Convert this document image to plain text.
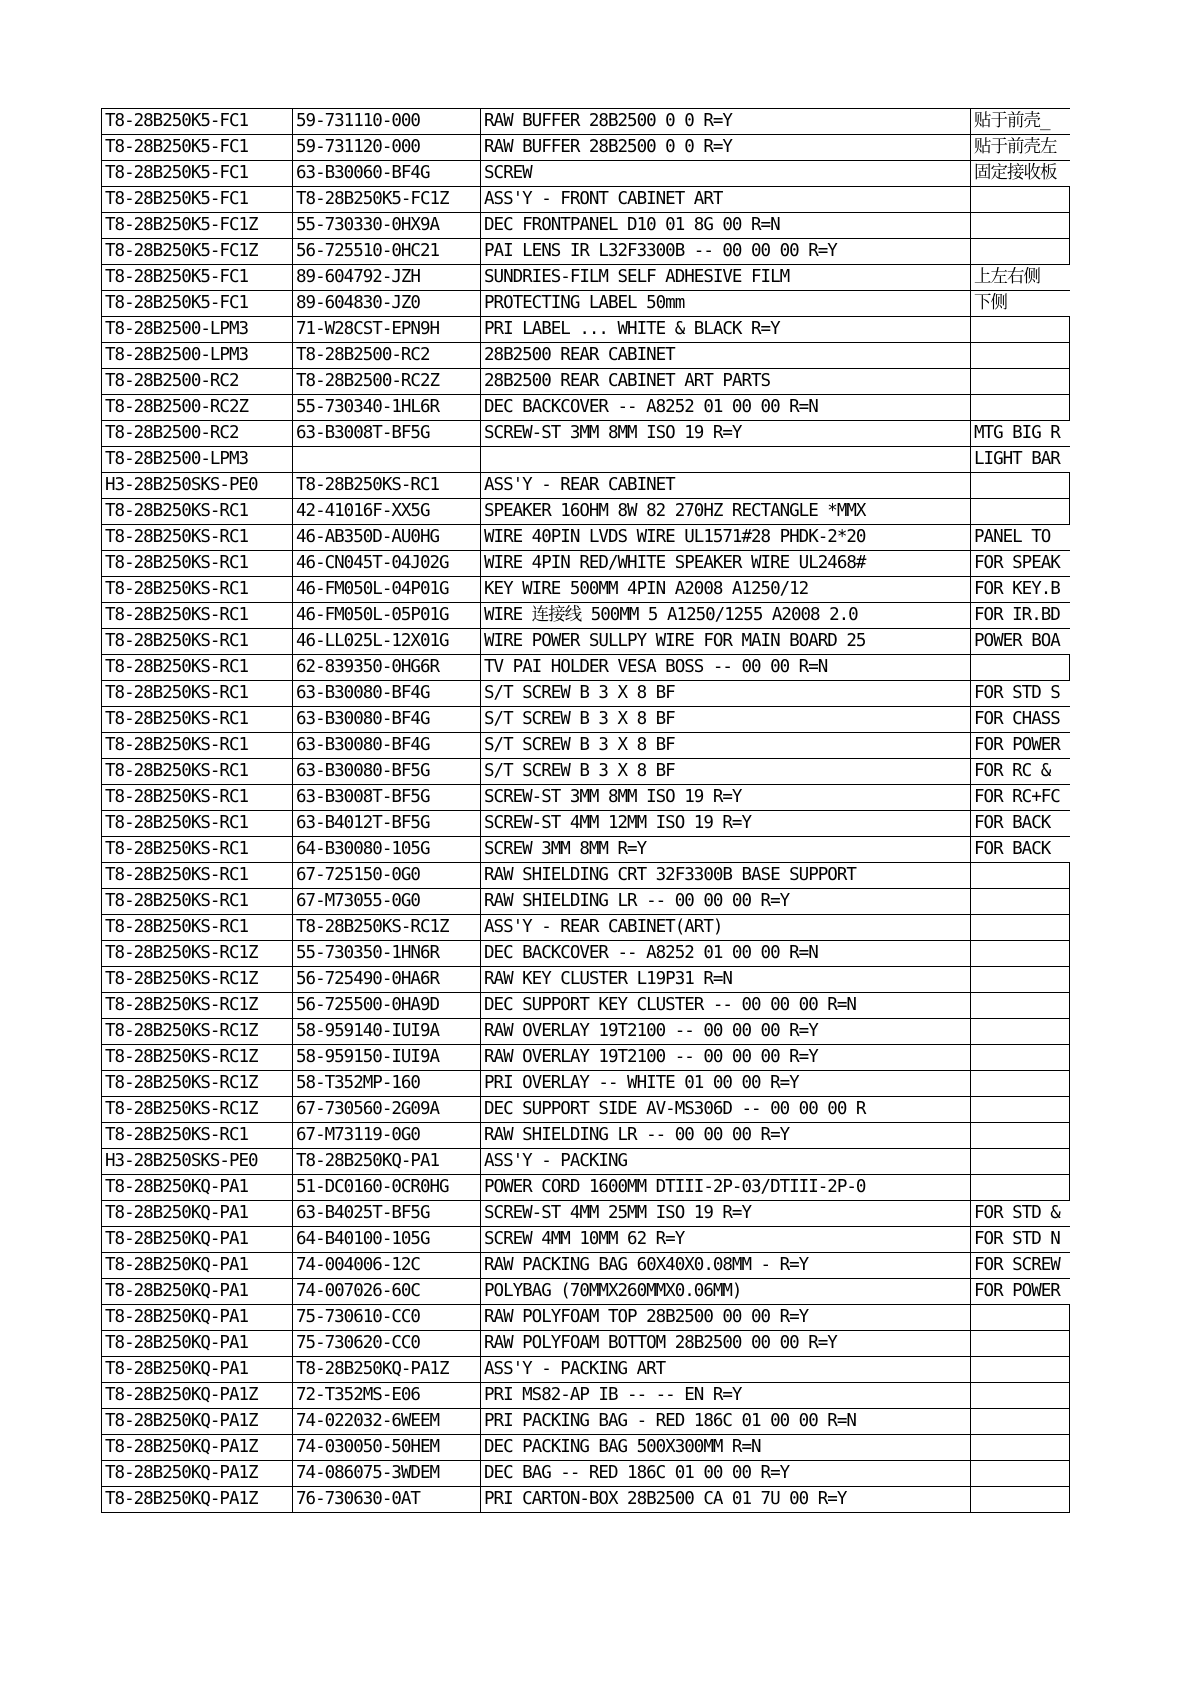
T8-28B250K5-FC1	59-731110-000	RAW BUFFER 28B2500 0 0 R=Y	贴于前壳_
T8-28B250K5-FC1	59-731120-000	RAW BUFFER 28B2500 0 0 R=Y	贴于前壳左
T8-28B250K5-FC1	63-B30060-BF4G	SCREW	固定接收板
T8-28B250K5-FC1	T8-28B250K5-FC1Z	ASS'Y - FRONT CABINET ART	
T8-28B250K5-FC1Z	55-730330-0HX9A	DEC FRONTPANEL D10 01 8G 00 R=N	
T8-28B250K5-FC1Z	56-725510-0HC21	PAI LENS IR L32F3300B -- 00 00 00 R=Y	
T8-28B250K5-FC1	89-604792-JZH	SUNDRIES-FILM SELF ADHESIVE FILM	上左右侧
T8-28B250K5-FC1	89-604830-JZ0	PROTECTING LABEL 50mm	下侧
T8-28B2500-LPM3	71-W28CST-EPN9H	PRI LABEL ... WHITE & BLACK R=Y	
T8-28B2500-LPM3	T8-28B2500-RC2	28B2500 REAR CABINET	
T8-28B2500-RC2	T8-28B2500-RC2Z	28B2500 REAR CABINET ART PARTS	
T8-28B2500-RC2Z	55-730340-1HL6R	DEC BACKCOVER -- A8252 01 00 00 R=N	
T8-28B2500-RC2	63-B3008T-BF5G	SCREW-ST 3MM 8MM ISO 19 R=Y	MTG BIG R
T8-28B2500-LPM3			LIGHT BAR
H3-28B250SKS-PE0	T8-28B250KS-RC1	ASS'Y - REAR CABINET	
T8-28B250KS-RC1	42-41016F-XX5G	SPEAKER 16OHM 8W 82 270HZ RECTANGLE *MMX	
T8-28B250KS-RC1	46-AB350D-AU0HG	WIRE 40PIN LVDS WIRE UL1571#28 PHDK-2*20	PANEL TO
T8-28B250KS-RC1	46-CN045T-04J02G	WIRE 4PIN RED/WHITE SPEAKER WIRE UL2468#	FOR SPEAK
T8-28B250KS-RC1	46-FM050L-04P01G	KEY WIRE 500MM 4PIN A2008 A1250/12	FOR KEY.B
T8-28B250KS-RC1	46-FM050L-05P01G	WIRE 连接线 500MM 5 A1250/1255 A2008 2.0	FOR IR.BD
T8-28B250KS-RC1	46-LL025L-12X01G	WIRE POWER SULLPY WIRE FOR MAIN BOARD 25	POWER BOA
T8-28B250KS-RC1	62-839350-0HG6R	TV PAI HOLDER VESA BOSS -- 00 00 R=N	
T8-28B250KS-RC1	63-B30080-BF4G	S/T SCREW B 3 X 8 BF	FOR STD S
T8-28B250KS-RC1	63-B30080-BF4G	S/T SCREW B 3 X 8 BF	FOR CHASS
T8-28B250KS-RC1	63-B30080-BF4G	S/T SCREW B 3 X 8 BF	FOR POWER
T8-28B250KS-RC1	63-B30080-BF5G	S/T SCREW B 3 X 8 BF	FOR RC &
T8-28B250KS-RC1	63-B3008T-BF5G	SCREW-ST 3MM 8MM ISO 19 R=Y	FOR RC+FC
T8-28B250KS-RC1	63-B4012T-BF5G	SCREW-ST 4MM 12MM ISO 19 R=Y	FOR BACK
T8-28B250KS-RC1	64-B30080-105G	SCREW 3MM 8MM R=Y	FOR BACK
T8-28B250KS-RC1	67-725150-0G0	RAW SHIELDING CRT 32F3300B BASE SUPPORT	
T8-28B250KS-RC1	67-M73055-0G0	RAW SHIELDING LR -- 00 00 00 R=Y	
T8-28B250KS-RC1	T8-28B250KS-RC1Z	ASS'Y - REAR CABINET(ART)	
T8-28B250KS-RC1Z	55-730350-1HN6R	DEC BACKCOVER -- A8252 01 00 00 R=N	
T8-28B250KS-RC1Z	56-725490-0HA6R	RAW KEY CLUSTER L19P31 R=N	
T8-28B250KS-RC1Z	56-725500-0HA9D	DEC SUPPORT KEY CLUSTER -- 00 00 00 R=N	
T8-28B250KS-RC1Z	58-959140-IUI9A	RAW OVERLAY 19T2100 -- 00 00 00 R=Y	
T8-28B250KS-RC1Z	58-959150-IUI9A	RAW OVERLAY 19T2100 -- 00 00 00 R=Y	
T8-28B250KS-RC1Z	58-T352MP-160	PRI OVERLAY -- WHITE 01 00 00 R=Y	
T8-28B250KS-RC1Z	67-730560-2G09A	DEC SUPPORT SIDE AV-MS306D -- 00 00 00 R	
T8-28B250KS-RC1	67-M73119-0G0	RAW SHIELDING LR -- 00 00 00 R=Y	
H3-28B250SKS-PE0	T8-28B250KQ-PA1	ASS'Y - PACKING	
T8-28B250KQ-PA1	51-DC0160-0CR0HG	POWER CORD 1600MM DTIII-2P-03/DTIII-2P-0	
T8-28B250KQ-PA1	63-B4025T-BF5G	SCREW-ST 4MM 25MM ISO 19 R=Y	FOR STD &
T8-28B250KQ-PA1	64-B40100-105G	SCREW 4MM 10MM 62 R=Y	FOR STD N
T8-28B250KQ-PA1	74-004006-12C	RAW PACKING BAG 60X40X0.08MM - R=Y	FOR SCREW
T8-28B250KQ-PA1	74-007026-60C	POLYBAG (70MMX260MMX0.06MM)	FOR POWER
T8-28B250KQ-PA1	75-730610-CC0	RAW POLYFOAM TOP 28B2500 00 00 R=Y	
T8-28B250KQ-PA1	75-730620-CC0	RAW POLYFOAM BOTTOM 28B2500 00 00 R=Y	
T8-28B250KQ-PA1	T8-28B250KQ-PA1Z	ASS'Y - PACKING ART	
T8-28B250KQ-PA1Z	72-T352MS-E06	PRI MS82-AP IB -- -- EN R=Y	
T8-28B250KQ-PA1Z	74-022032-6WEEM	PRI PACKING BAG - RED 186C 01 00 00 R=N	
T8-28B250KQ-PA1Z	74-030050-50HEM	DEC PACKING BAG 500X300MM R=N	
T8-28B250KQ-PA1Z	74-086075-3WDEM	DEC BAG -- RED 186C 01 00 00 R=Y	
T8-28B250KQ-PA1Z	76-730630-0AT	PRI CARTON-BOX 28B2500 CA 01 7U 00 R=Y	
